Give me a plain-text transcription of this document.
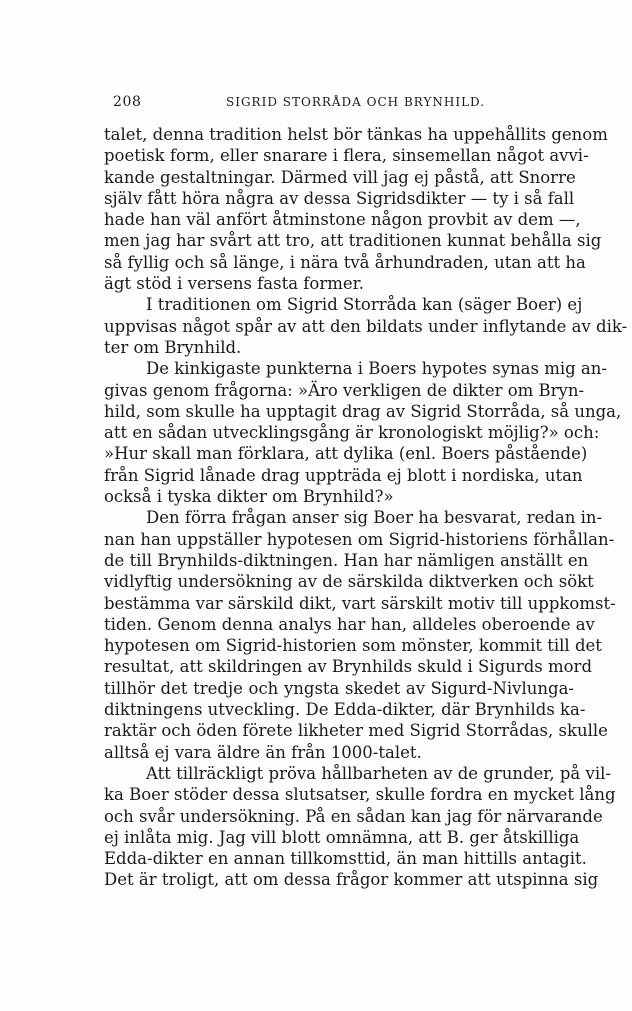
208	SIGRID STORRÅDA OCH BRYNHILD.
talet, denna tradition helst bör tänkas ha uppehållits genom
poetisk form, eller snarare i flera, sinsemellan något avvi-
kande gestaltningar. Därmed vill jag ej påstå, att Snorre
själv fått höra några av dessa Sigridsdikter — ty i så fall
hade han väl anfört åtminstone någon provbit av dem —,
men jag har svårt att tro, att traditionen kunnat behålla sig
så fyllig och så länge, i nära två århundraden, utan att ha
ägt stöd i versens fasta former.
I traditionen om Sigrid Storråda kan (säger Boer) ej
uppvisas något spår av att den bildats under inflytande av dik-
ter om Brynhild.
De kinkigaste punkterna i Boers hypotes synas mig an-
givas genom frågorna: »Äro verkligen de dikter om Bryn-
hild, som skulle ha upptagit drag av Sigrid Storråda, så unga,
att en sådan utvecklingsgång är kronologiskt möjlig?» och:
»Hur skall man förklara, att dylika (enl. Boers påstående)
från Sigrid lånade drag uppträda ej blott i nordiska, utan
också i tyska dikter om Brynhild?»
Den förra frågan anser sig Boer ha besvarat, redan in-
nan han uppställer hypotesen om Sigrid-historiens förhållan-
de till Brynhilds-diktningen. Han har nämligen anställt en
vidlyftig undersökning av de särskilda diktverken och sökt
bestämma var särskild dikt, vart särskilt motiv till uppkomst-
tiden. Genom denna analys har han, alldeles oberoende av
hypotesen om Sigrid-historien som mönster, kommit till det
resultat, att skildringen av Brynhilds skuld i Sigurds mord
tillhör det tredje och yngsta skedet av Sigurd-Nivlunga-
diktningens utveckling. De Edda-dikter, där Brynhilds ka-
raktär och öden förete likheter med Sigrid Storrådas, skulle
alltså ej vara äldre än från 1000-talet.
Att tillräckligt pröva hållbarheten av de grunder, på vil-
ka Boer stöder dessa slutsatser, skulle fordra en mycket lång
och svår undersökning. På en sådan kan jag för närvarande
ej inlåta mig. Jag vill blott omnämna, att B. ger åtskilliga
Edda-dikter en annan tillkomsttid, än man hittills antagit.
Det är troligt, att om dessa frågor kommer att utspinna sig
